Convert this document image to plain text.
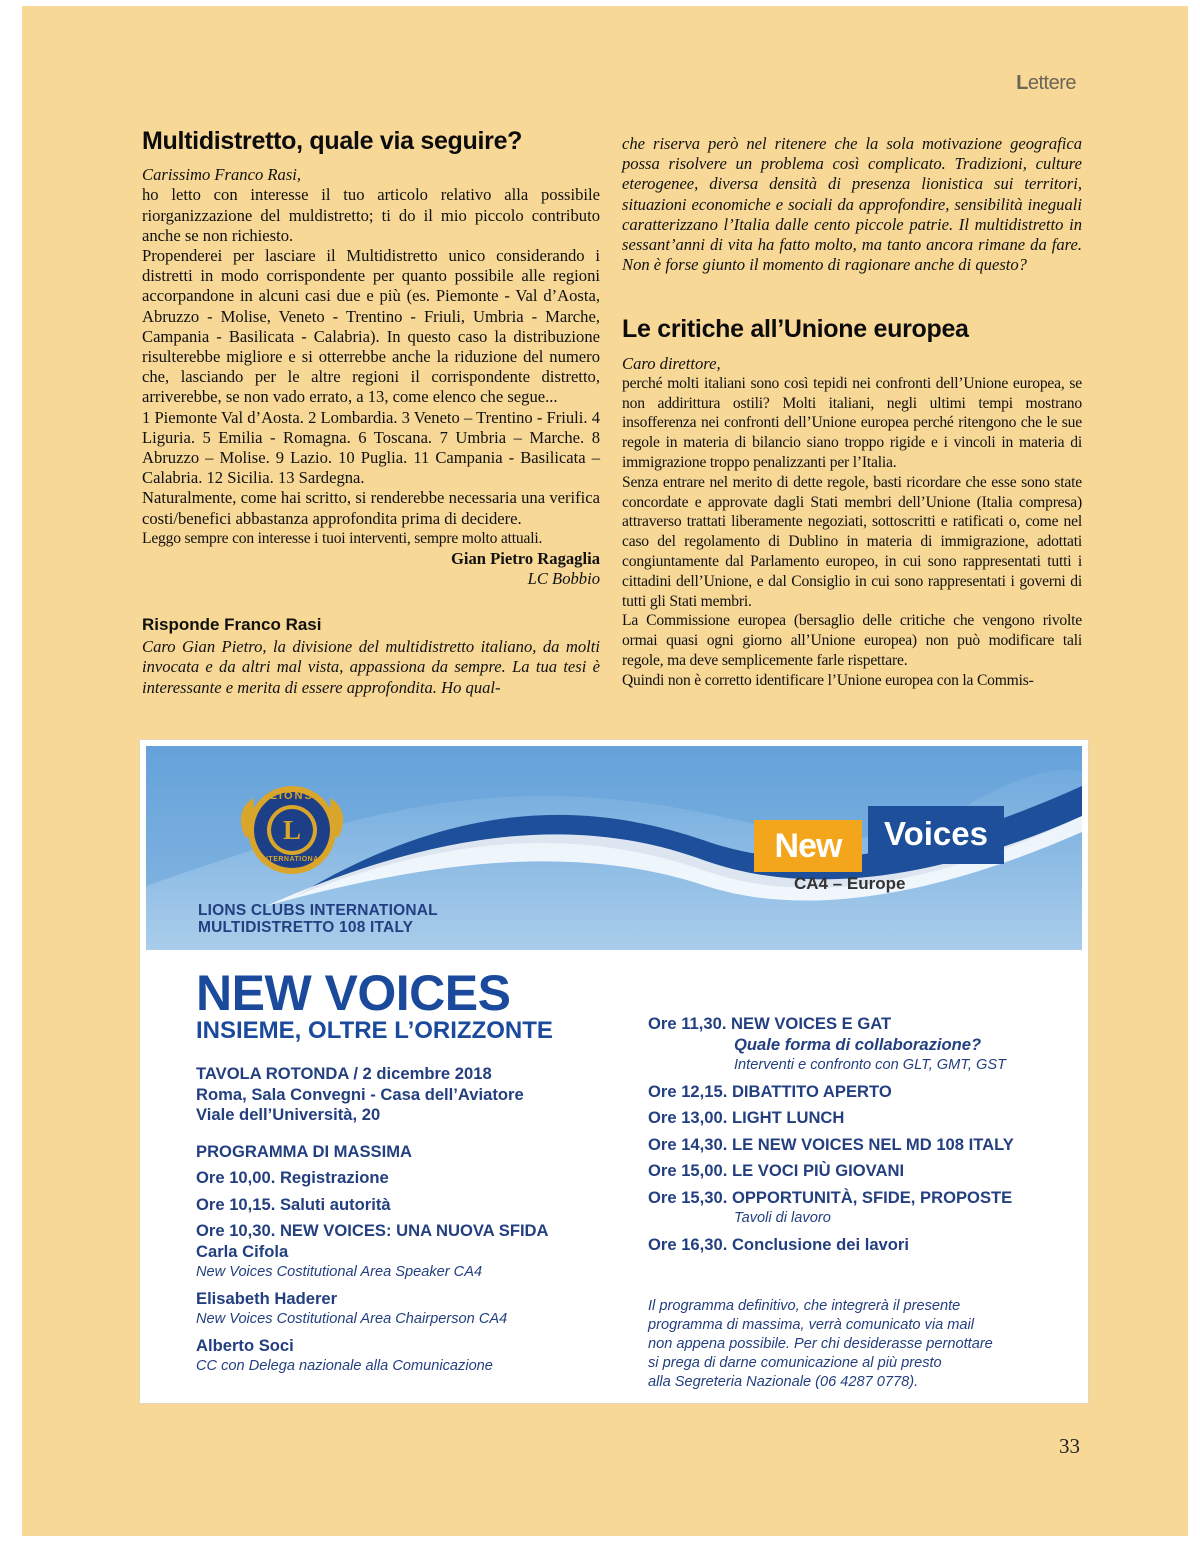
Lettere
Multidistretto, quale via seguire?

Carissimo Franco Rasi,

ho letto con interesse il tuo articolo relativo alla possibile riorganizzazione del muldistretto; ti do il mio piccolo contributo anche se non richiesto.

Propenderei per lasciare il Multidistretto unico considerando i distretti in modo corrispondente per quanto possibile alle regioni accorpandone in alcuni casi due e più (es. Piemonte - Val d’Aosta, Abruzzo - Molise, Veneto - Trentino - Friuli, Umbria - Marche, Campania - Basilicata - Calabria). In questo caso la distribuzione risulterebbe migliore e si otterrebbe anche la riduzione del numero che, lasciando per le altre regioni il corrispondente distretto, arriverebbe, se non vado errato, a 13, come elenco che segue...

1 Piemonte Val d’Aosta. 2 Lombardia. 3 Veneto – Trentino - Friuli. 4 Liguria. 5 Emilia - Romagna. 6 Toscana. 7 Umbria – Marche. 8 Abruzzo – Molise. 9 Lazio. 10 Puglia. 11 Campania - Basilicata – Calabria. 12 Sicilia. 13 Sardegna.

Naturalmente, come hai scritto, si renderebbe necessaria una verifica costi/benefici abbastanza approfondita prima di decidere.

Leggo sempre con interesse i tuoi interventi, sempre molto attuali.

Gian Pietro Ragaglia

LC Bobbio

Risponde Franco Rasi

Caro Gian Pietro, la divisione del multidistretto italiano, da molti invocata e da altri mal vista, appassiona da sempre. La tua tesi è interessante e merita di essere approfondita. Ho qual-

che riserva però nel ritenere che la sola motivazione geografica possa risolvere un problema così complicato. Tradizioni, culture eterogenee, diversa densità di presenza lionistica sui territori, situazioni economiche e sociali da approfondire, sensibilità ineguali caratterizzano l’Italia dalle cento piccole patrie. Il multidistretto in sessant’anni di vita ha fatto molto, ma tanto ancora rimane da fare. Non è forse giunto il momento di ragionare anche di questo?

Le critiche all’Unione europea

Caro direttore,

perché molti italiani sono così tepidi nei confronti dell’Unione europea, se non addirittura ostili? Molti italiani, negli ultimi tempi mostrano insofferenza nei confronti dell’Unione europea perché ritengono che le sue regole in materia di bilancio siano troppo rigide e i vincoli in materia di immigrazione troppo penalizzanti per l’Italia.

Senza entrare nel merito di dette regole, basti ricordare che esse sono state concordate e approvate dagli Stati membri dell’Unione (Italia compresa) attraverso trattati liberamente negoziati, sottoscritti e ratificati o, come nel caso del regolamento di Dublino in materia di immigrazione, adottati congiuntamente dal Parlamento europeo, in cui sono rappresentati tutti i cittadini dell’Unione, e dal Consiglio in cui sono rappresentati i governi di tutti gli Stati membri.

La Commissione europea (bersaglio delle critiche che vengono rivolte ormai quasi ogni giorno all’Unione europea) non può modificare tali regole, ma deve semplicemente farle rispettare.

Quindi non è corretto identificare l’Unione europea con la Commis-

LIONS
L
INTERNATIONAL
LIONS CLUBS INTERNATIONAL
MULTIDISTRETTO 108 ITALY
New	Voices
CA4 – Europe
NEW VOICES
INSIEME, OLTRE L’ORIZZONTE
TAVOLA ROTONDA / 2 dicembre 2018
Roma, Sala Convegni - Casa dell’Aviatore
Viale dell’Università, 20
PROGRAMMA DI MASSIMA
Ore 10,00. Registrazione
Ore 10,15. Saluti autorità
Ore 10,30. NEW VOICES: UNA NUOVA SFIDA
Carla Cifola
New Voices Costitutional Area Speaker CA4
Elisabeth Haderer
New Voices Costitutional Area Chairperson CA4
Alberto Soci
CC con Delega nazionale alla Comunicazione
Ore 11,30. NEW VOICES E GAT
Quale forma di collaborazione?
Interventi e confronto con GLT, GMT, GST
Ore 12,15. DIBATTITO APERTO
Ore 13,00. LIGHT LUNCH
Ore 14,30. LE NEW VOICES NEL MD 108 ITALY
Ore 15,00. LE VOCI PIÙ GIOVANI
Ore 15,30. OPPORTUNITÀ, SFIDE, PROPOSTE
Tavoli di lavoro
Ore 16,30. Conclusione dei lavori
Il programma definitivo, che integrerà il presente
programma di massima, verrà comunicato via mail
non appena possibile. Per chi desiderasse pernottare
si prega di darne comunicazione al più presto
alla Segreteria Nazionale (06 4287 0778).
33
